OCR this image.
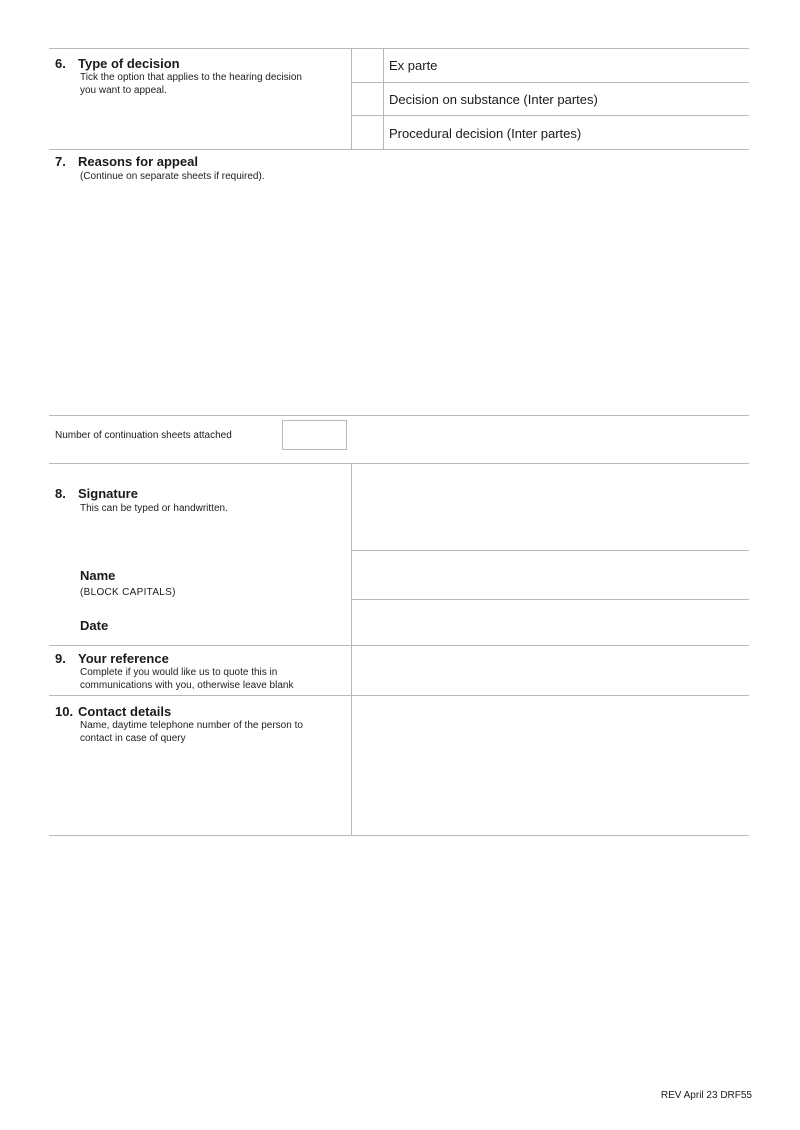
6. Type of decision
Tick the option that applies to the hearing decision
you want to appeal.
Ex parte
Decision on substance (Inter partes)
Procedural decision (Inter partes)
7. Reasons for appeal
(Continue on separate sheets if required).
Number of continuation sheets attached
8. Signature
This can be typed or handwritten.
Name
(BLOCK CAPITALS)
Date
9. Your reference
Complete if you would like us to quote this in
communications with you, otherwise leave blank
10. Contact details
Name, daytime telephone number of the person to
contact in case of query
REV April 23 DRF55
